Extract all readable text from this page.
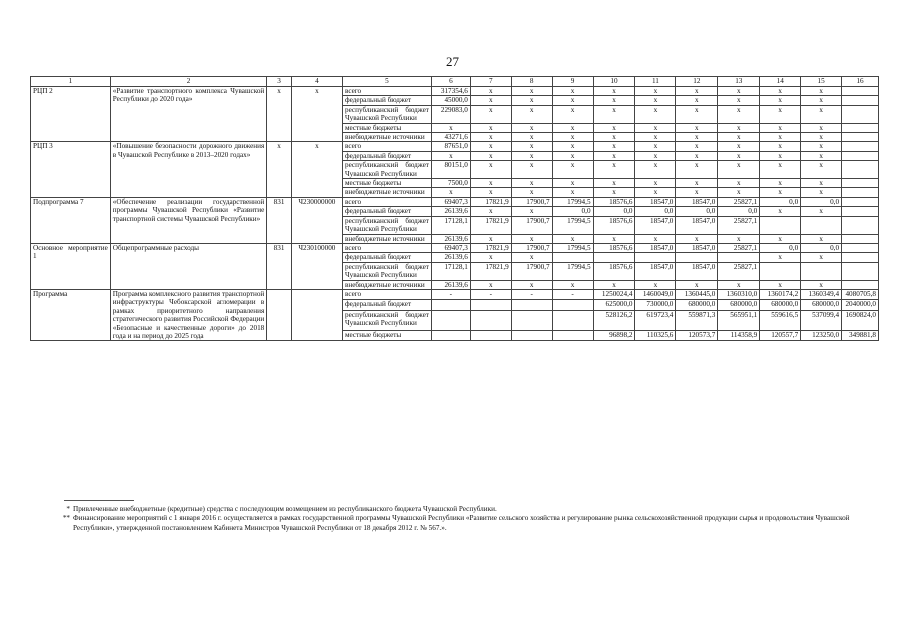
27
1	2	3	4	5	6	7	8	9	10	11	12	13	14	15	16
РЦП 2	«Развитие транспортного комплекса Чувашской Республики до 2020 года»	x	x	всего	317354,6	x	x	x	x	x	x	x	x	x	
				федеральный бюджет	45000,0	x	x	x	x	x	x	x	x	x	
				республиканский бюджет Чувашской Республики	229083,0	x	x	x	x	x	x	x	x	x	
				местные бюджеты	x	x	x	x	x	x	x	x	x	x	
				внебюджетные источники	43271,6	x	x	x	x	x	x	x	x	x	
РЦП 3	«Повышение безопасности дорожного движения в Чувашской Республике в 2013–2020 годах»	x	x	всего	87651,0	x	x	x	x	x	x	x	x	x	
				федеральный бюджет	x	x	x	x	x	x	x	x	x	x	
				республиканский бюджет Чувашской Республики	80151,0	x	x	x	x	x	x	x	x	x	
				местные бюджеты	7500,0	x	x	x	x	x	x	x	x	x	
				внебюджетные источники	x	x	x	x	x	x	x	x	x	x	
Подпрограмма 7	«Обеспечение реализации государственной программы Чувашской Республики «Развитие транспортной системы Чувашской Республики»	831	Ч230000000	всего	69407,3	17821,9	17900,7	17994,5	18576,6	18547,0	18547,0	25827,1	0,0	0,0	
				федеральный бюджет	26139,6	x	x	0,0	0,0	0,0	0,0	0,0	x	x	
				республиканский бюджет Чувашской Республики	17128,1	17821,9	17900,7	17994,5	18576,6	18547,0	18547,0	25827,1			
				внебюджетные источники	26139,6	x	x	x	x	x	x	x	x	x	
Основное мероприятие 1	Общепрограммные расходы	831	Ч230100000	всего	69407,3	17821,9	17900,7	17994,5	18576,6	18547,0	18547,0	25827,1	0,0	0,0	
				федеральный бюджет	26139,6	x	x						x	x	
				республиканский бюджет Чувашской Республики	17128,1	17821,9	17900,7	17994,5	18576,6	18547,0	18547,0	25827,1			
				внебюджетные источники	26139,6	x	x	x	x	x	x	x	x	x	
Программа	Программа комплексного развития транспортной инфраструктуры Чебоксарской агломерации в рамках приоритетного направления стратегического развития Российской Федерации «Безопасные и качественные дороги» до 2018 года и на период до 2025 года			всего	-	-	-	-	1250024,4	1460049,0	1360445,0	1360310,0	1360174,2	1360349,4	4080705,8
				федеральный бюджет					625000,0	730000,0	680000,0	680000,0	680000,0	680000,0	2040000,0
				республиканский бюджет Чувашской Республики					528126,2	619723,4	559871,3	565951,1	559616,5	537099,4	1690824,0
				местные бюджеты					96898,2	110325,6	120573,7	114358,9	120557,7	123250,0	349881,8
* Привлеченные внебюджетные (кредитные) средства с последующим возмещением из республиканского бюджета Чувашской Республики.
** Финансирование мероприятий с 1 января 2016 г. осуществляется в рамках государственной программы Чувашской Республики «Развитие сельского хозяйства и регулирование рынка сельскохозяйственной продукции сырья и продовольствия Чувашской Республики», утвержденной постановлением Кабинета Министров Чувашской Республики от 18 декабря 2012 г. № 567.».
